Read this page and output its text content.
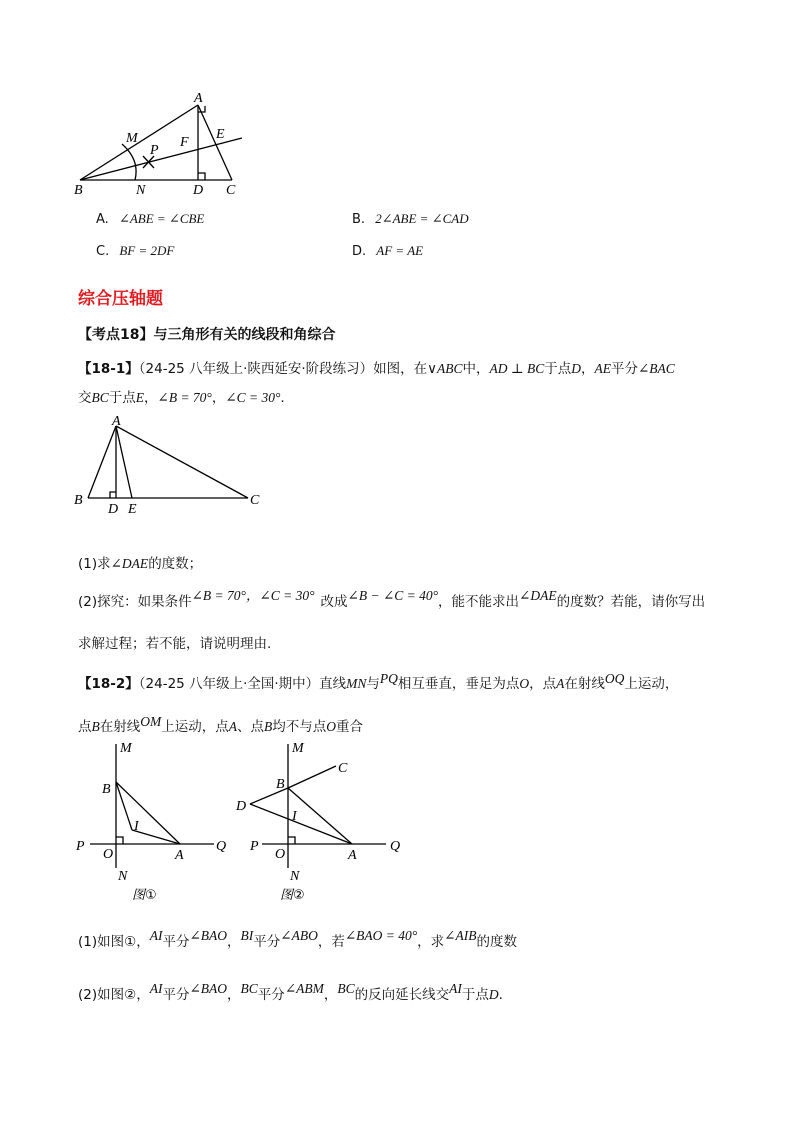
A
M	E
P
F
B	N	D C
A. ∠ABE = ∠CBE	B. 2∠ABE = ∠CAD
C. BF = 2DF	D. AF = AE
综合压轴题
【考点18】与三角形有关的线段和角综合
【18-1】（24-25 八年级上·陕西延安·阶段练习）如图，在∨ABC中，AD ⊥ BC于点D，AE平分∠BAC
交BC于点E，∠B = 70°，∠C = 30°.
A
B
D E
C
(1)求∠DAE的度数；
(2)探究：如果条件∠B = 70°，∠C = 30° 改成∠B − ∠C = 40°，能不能求出∠DAE的度数？若能，请你写出
求解过程；若不能，请说明理由.
【18-2】（24-25 八年级上·全国·期中）直线MN与PQ相互垂直，垂足为点O，点A在射线OQ上运动，
点B在射线OM上运动，点A、点B均不与点O重合
M
B
I
P
O	A
Q
N
图①
M
C
B
D
I
P
O	A
Q
N
图②
(1)如图①，AI平分∠BAO，BI平分∠ABO，若∠BAO = 40°，求∠AIB的度数
(2)如图②，AI平分∠BAO，BC平分∠ABM，BC的反向延长线交AI于点D.
